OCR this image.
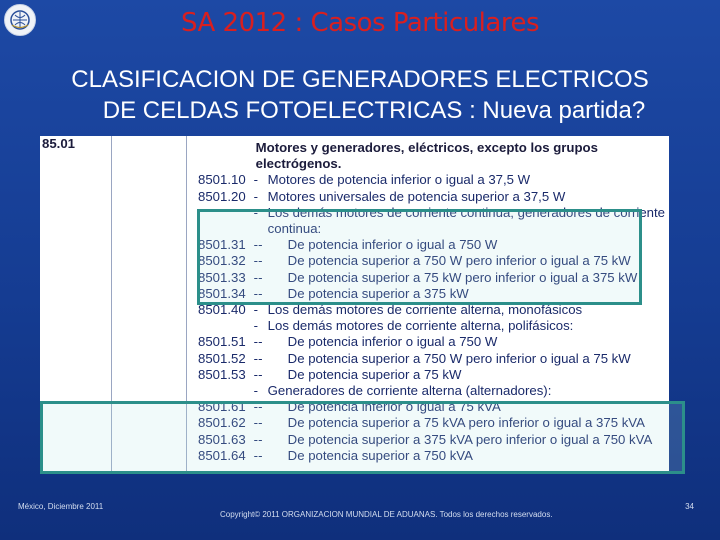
SA 2012 : Casos Particulares
CLASIFICACION DE GENERADORES ELECTRICOS
DE CELDAS FOTOELECTRICAS : Nueva partida?
85.01		Motores y generadores, eléctricos, excepto los grupos
electrógenos.	

	8501.10	-	Motores de potencia inferior o igual a 37,5 W
	8501.20	-	Motores universales de potencia superior a 37,5 W
		-	Los demás motores de corriente continua; generadores de corriente
			continua:
	8501.31	--	De potencia inferior o igual a 750 W
	8501.32	--	De potencia superior a 750 W pero inferior o igual a 75 kW
	8501.33	--	De potencia superior a 75 kW pero inferior o igual a 375 kW
	8501.34	--	De potencia superior a 375 kW
	8501.40	-	Los demás motores de corriente alterna, monofásicos
		-	Los demás motores de corriente alterna, polifásicos:
	8501.51	--	De potencia inferior o igual a 750 W
	8501.52	--	De potencia superior a 750 W pero inferior o igual a 75 kW
	8501.53	--	De potencia superior a 75 kW
		-	Generadores de corriente alterna (alternadores):
	8501.61	--	De potencia inferior o igual a 75 kVA
	8501.62	--	De potencia superior a 75 kVA pero inferior o igual a 375 kVA
	8501.63	--	De potencia superior a 375 kVA pero inferior o igual a 750 kVA
	8501.64	--	De potencia superior a 750 kVA
México, Diciembre 2011
Copyright© 2011 ORGANIZACION MUNDIAL DE ADUANAS. Todos los derechos reservados.
34
